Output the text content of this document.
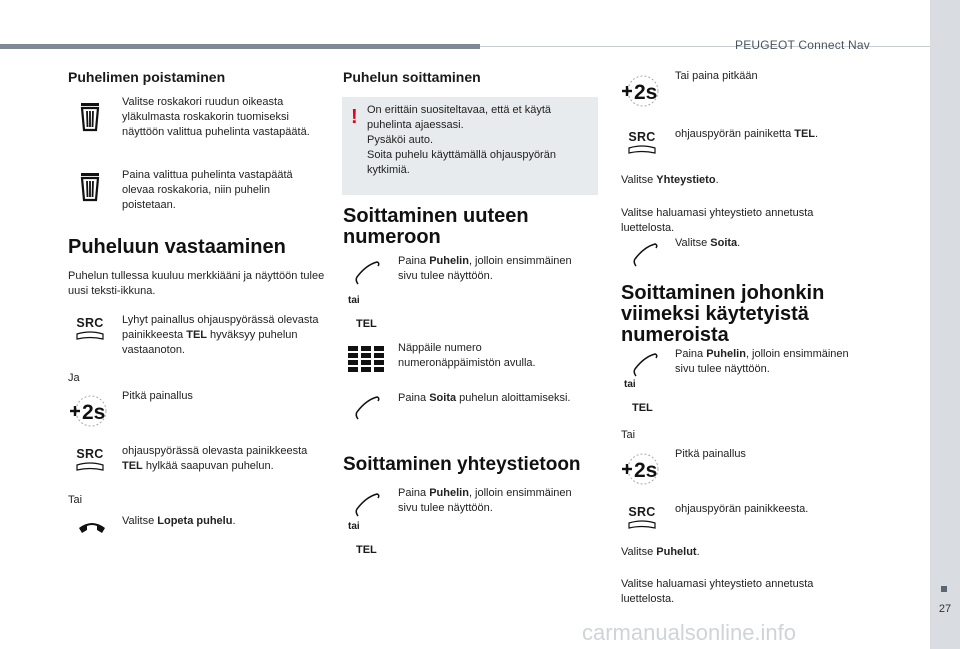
PEUGEOT Connect Nav
27
carmanualsonline.info
Puhelimen poistaminen
Valitse roskakori ruudun oikeasta yläkulmasta roskakorin tuomiseksi näyttöön valittua puhelinta vastapäätä.
Paina valittua puhelinta vastapäätä olevaa roskakoria, niin puhelin poistetaan.
Puheluun vastaaminen
Puhelun tullessa kuuluu merkkiääni ja näyttöön tulee uusi teksti-ikkuna.
SRC	Lyhyt painallus ohjauspyörässä olevasta painikkeesta TEL hyväksyy puhelun vastaanoton.
Ja
2s
Pitkä painallus
SRC	ohjauspyörässä olevasta painikkeesta TEL hylkää saapuvan puhelun.
Tai
Valitse Lopeta puhelu.
Puhelun soittaminen
! On erittäin suositeltavaa, että et käytä puhelinta ajaessasi.
Pysäköi auto.
Soita puhelu käyttämällä ohjauspyörän kytkimiä.
Soittaminen uuteen
numeroon
tai
TEL
Paina Puhelin, jolloin ensimmäinen sivu tulee näyttöön.
Näppäile numero numeronäppäimistön avulla.
Paina Soita puhelun aloittamiseksi.
Soittaminen yhteystietoon
tai
TEL
Paina Puhelin, jolloin ensimmäinen sivu tulee näyttöön.
2s
Tai paina pitkään
SRC	ohjauspyörän painiketta TEL.
Valitse Yhteystieto.
Valitse haluamasi yhteystieto annetusta luettelosta.
Valitse Soita.
Soittaminen johonkin
viimeksi käytetyistä
numeroista
tai
TEL
Paina Puhelin, jolloin ensimmäinen sivu tulee näyttöön.
Tai
2s
Pitkä painallus
SRC	ohjauspyörän painikkeesta.
Valitse Puhelut.
Valitse haluamasi yhteystieto annetusta luettelosta.
